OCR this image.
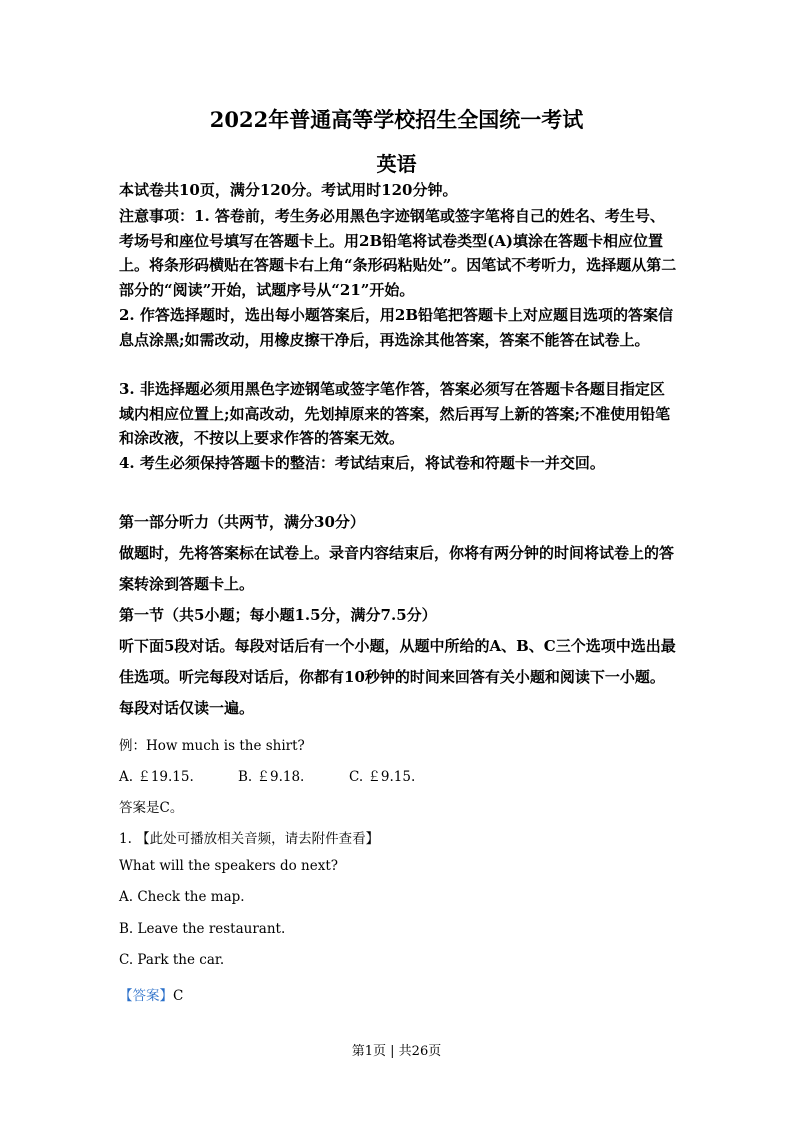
2022年普通高等学校招生全国统一考试
英语
本试卷共10页，满分120分。考试用时120分钟。
注意事项：1. 答卷前，考生务必用黑色字迹钢笔或签字笔将自己的姓名、考生号、考场号和座位号填写在答题卡上。用2B铅笔将试卷类型(A)填涂在答题卡相应位置上。将条形码横贴在答题卡右上角“条形码粘贴处”。因笔试不考听力，选择题从第二部分的“阅读”开始，试题序号从“21”开始。
2. 作答选择题时，选出每小题答案后，用2B铅笔把答题卡上对应题目选项的答案信息点涂黑;如需改动，用橡皮擦干净后，再选涂其他答案，答案不能答在试卷上。
3. 非选择题必须用黑色字迹钢笔或签字笔作答，答案必须写在答题卡各题目指定区域内相应位置上;如高改动，先划掉原来的答案，然后再写上新的答案;不准使用铅笔和涂改液，不按以上要求作答的答案无效。
4. 考生必须保持答题卡的整洁：考试结束后，将试卷和符题卡一并交回。
第一部分听力（共两节，满分30分）
做题时，先将答案标在试卷上。录音内容结束后，你将有两分钟的时间将试卷上的答案转涂到答题卡上。
第一节（共5小题；每小题1.5分，满分7.5分）
听下面5段对话。每段对话后有一个小题，从题中所给的A、B、C三个选项中选出最佳选项。听完每段对话后，你都有10秒钟的时间来回答有关小题和阅读下一小题。每段对话仅读一遍。
例：How much is the shirt?
A. ￡19.15.	B. ￡9.18.	C. ￡9.15.
答案是C。
1. 【此处可播放相关音频，请去附件查看】
What will the speakers do next?
A. Check the map.
B. Leave the restaurant.
C. Park the car.
【答案】C
第1页 | 共26页
